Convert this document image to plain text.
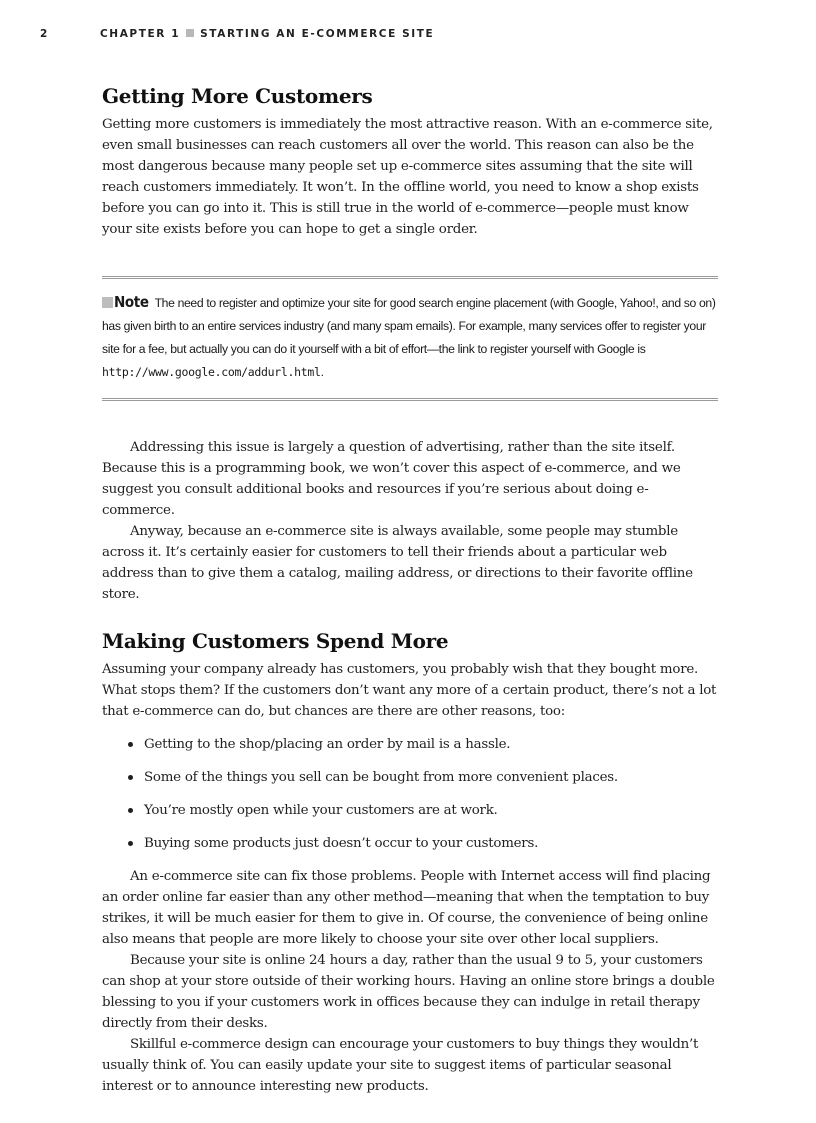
2	CHAPTER 1 STARTING AN E-COMMERCE SITE
Getting More Customers

Getting more customers is immediately the most attractive reason. With an e-commerce site, even small businesses can reach customers all over the world. This reason can also be the most dangerous because many people set up e-commerce sites assuming that the site will reach customers immediately. It won’t. In the offline world, you need to know a shop exists before you can go into it. This is still true in the world of e-commerce—people must know your site exists before you can hope to get a single order.

Note The need to register and optimize your site for good search engine placement (with Google, Yahoo!, and so on) has given birth to an entire services industry (and many spam emails). For example, many services offer to register your site for a fee, but actually you can do it yourself with a bit of effort—the link to register yourself with Google is http://www.google.com/addurl.html.

Addressing this issue is largely a question of advertising, rather than the site itself. Because this is a programming book, we won’t cover this aspect of e-commerce, and we suggest you consult additional books and resources if you’re serious about doing e-commerce.

Anyway, because an e-commerce site is always available, some people may stumble across it. It’s certainly easier for customers to tell their friends about a particular web address than to give them a catalog, mailing address, or directions to their favorite offline store.

Making Customers Spend More

Assuming your company already has customers, you probably wish that they bought more. What stops them? If the customers don’t want any more of a certain product, there’s not a lot that e-commerce can do, but chances are there are other reasons, too:

Getting to the shop/placing an order by mail is a hassle.
Some of the things you sell can be bought from more convenient places.
You’re mostly open while your customers are at work.
Buying some products just doesn’t occur to your customers.

An e-commerce site can fix those problems. People with Internet access will find placing an order online far easier than any other method—meaning that when the temptation to buy strikes, it will be much easier for them to give in. Of course, the convenience of being online also means that people are more likely to choose your site over other local suppliers.

Because your site is online 24 hours a day, rather than the usual 9 to 5, your customers can shop at your store outside of their working hours. Having an online store brings a double blessing to you if your customers work in offices because they can indulge in retail therapy directly from their desks.

Skillful e-commerce design can encourage your customers to buy things they wouldn’t usually think of. You can easily update your site to suggest items of particular seasonal interest or to announce interesting new products.
